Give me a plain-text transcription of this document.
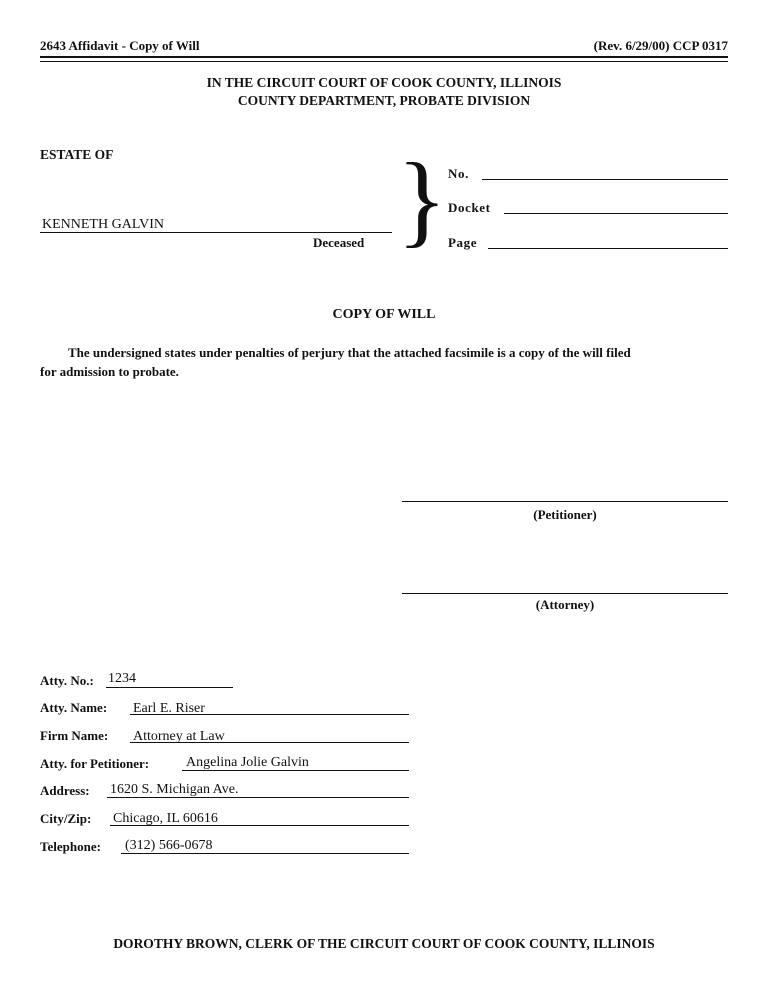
2643 Affidavit - Copy of Will	(Rev. 6/29/00) CCP 0317
IN THE CIRCUIT COURT OF COOK COUNTY, ILLINOIS
COUNTY DEPARTMENT, PROBATE DIVISION
ESTATE OF
KENNETH GALVIN
Deceased } No.
Docket
Page
COPY OF WILL
The undersigned states under penalties of perjury that the attached facsimile is a copy of the will filed
for admission to probate.
(Petitioner)
(Attorney)
Atty. No.: 1234
Atty. Name: Earl E. Riser
Firm Name: Attorney at Law
Atty. for Petitioner:	Angelina Jolie Galvin
Address: 1620 S. Michigan Ave.
City/Zip: Chicago, IL 60616
Telephone: (312) 566-0678
DOROTHY BROWN, CLERK OF THE CIRCUIT COURT OF COOK COUNTY, ILLINOIS
